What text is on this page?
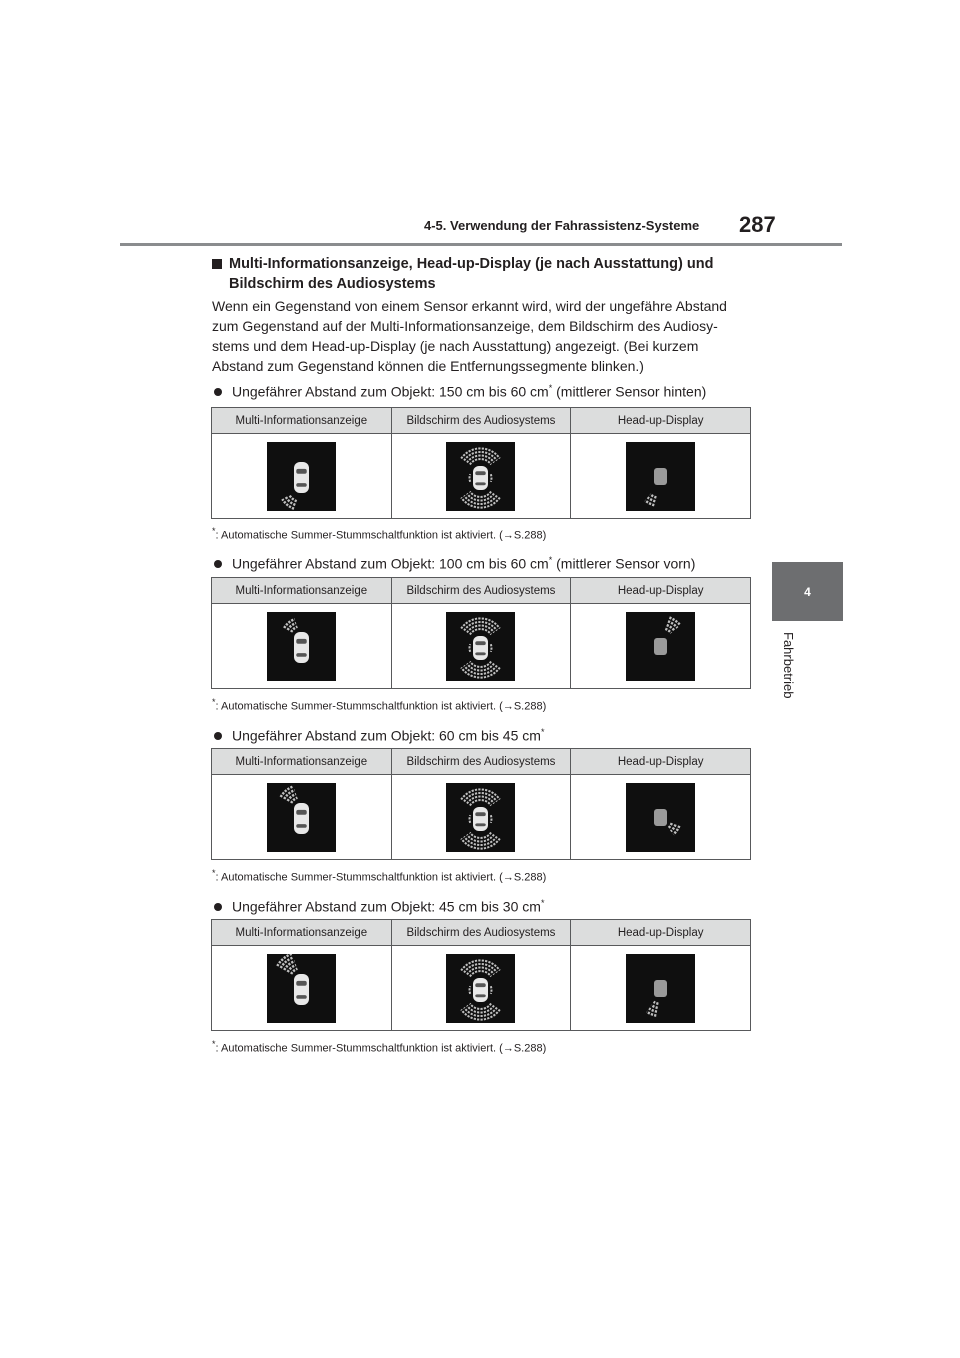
4-5. Verwendung der Fahrassistenz-Systeme 287
4
Fahrbetrieb
Multi-Informationsanzeige, Head-up-Display (je nach Ausstattung) und
Bildschirm des Audiosystems
Wenn ein Gegenstand von einem Sensor erkannt wird, wird der ungefähre Abstand
zum Gegenstand auf der Multi-Informationsanzeige, dem Bildschirm des Audiosy-
stems und dem Head-up-Display (je nach Ausstattung) angezeigt. (Bei kurzem
Abstand zum Gegenstand können die Entfernungssegmente blinken.)
Ungefährer Abstand zum Objekt: 150 cm bis 60 cm* (mittlerer Sensor hinten)
Multi-Informationsanzeige	Bildschirm des Audiosystems	Head-up-Display

*: Automatische Summer-Stummschaltfunktion ist aktiviert. (→S.288)
Ungefährer Abstand zum Objekt: 100 cm bis 60 cm* (mittlerer Sensor vorn)
Multi-Informationsanzeige	Bildschirm des Audiosystems	Head-up-Display

*: Automatische Summer-Stummschaltfunktion ist aktiviert. (→S.288)
Ungefährer Abstand zum Objekt: 60 cm bis 45 cm*
Multi-Informationsanzeige	Bildschirm des Audiosystems	Head-up-Display

*: Automatische Summer-Stummschaltfunktion ist aktiviert. (→S.288)
Ungefährer Abstand zum Objekt: 45 cm bis 30 cm*
Multi-Informationsanzeige	Bildschirm des Audiosystems	Head-up-Display

*: Automatische Summer-Stummschaltfunktion ist aktiviert. (→S.288)
